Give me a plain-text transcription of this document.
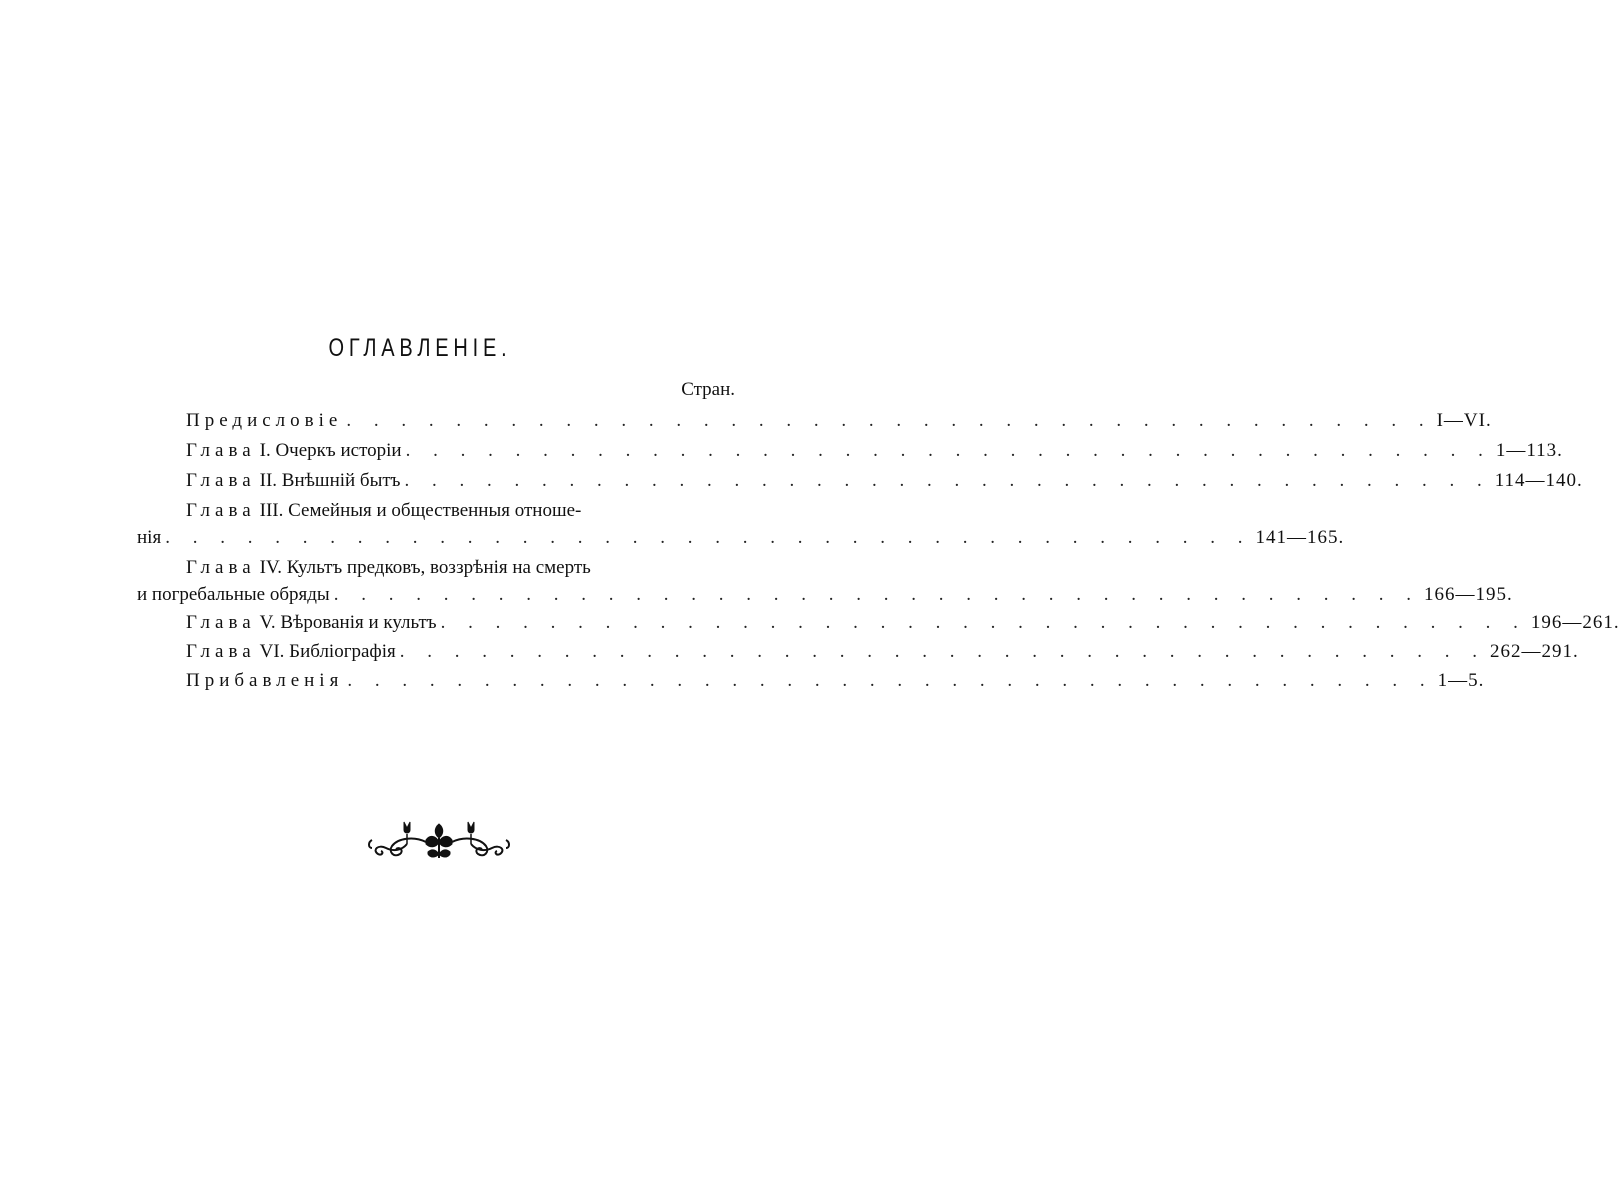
ОГЛАВЛЕНІЕ.
Стран.
Предисловіе . . . . . . . . . . . . . . . . . . . . . . . . . . . . . . . . . . . . . . . . I—VI.
Глава I. Очеркъ исторіи . . . . . . . . . . . . . . . . . . . . . . . . . . . . . . . . . . . . . . . . 1—113.
Глава II. Внѣшній бытъ . . . . . . . . . . . . . . . . . . . . . . . . . . . . . . . . . . . . . . . . 114—140.
Глава III. Семейныя и общественныя отноше-
нія . . . . . . . . . . . . . . . . . . . . . . . . . . . . . . . . . . . . . . . . 141—165.
Глава IV. Культъ предковъ, воззрѣнія на смерть
и погребальные обряды . . . . . . . . . . . . . . . . . . . . . . . . . . . . . . . . . . . . . . . . 166—195.
Глава V. Вѣрованія и культъ . . . . . . . . . . . . . . . . . . . . . . . . . . . . . . . . . . . . . . . . 196—261.
Глава VI. Библіографія . . . . . . . . . . . . . . . . . . . . . . . . . . . . . . . . . . . . . . . . 262—291.
Прибавленія . . . . . . . . . . . . . . . . . . . . . . . . . . . . . . . . . . . . . . . . 1—5.
